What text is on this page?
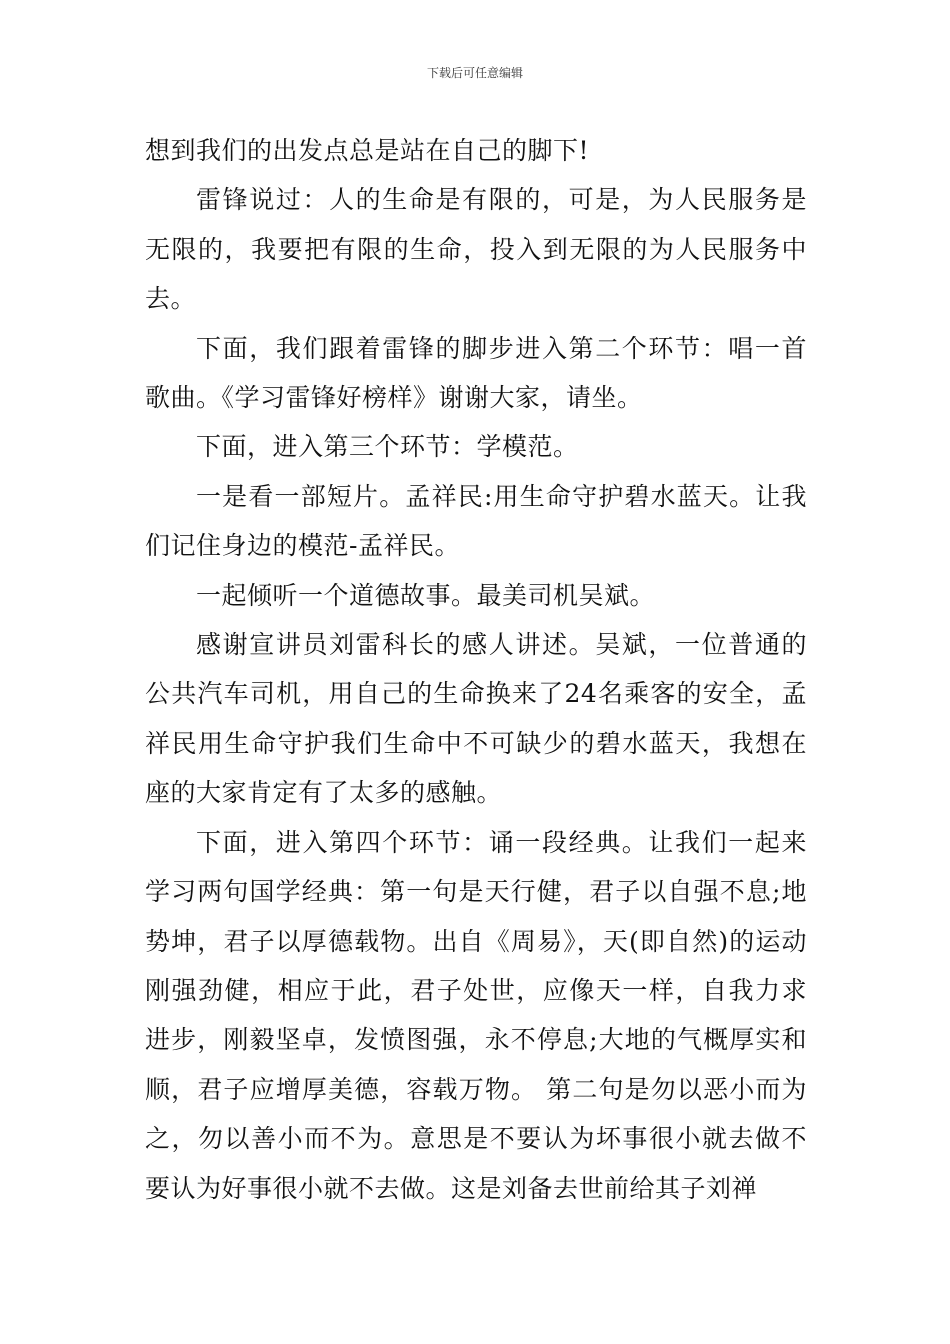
下载后可任意编辑

想到我们的出发点总是站在自己的脚下!

雷锋说过：人的生命是有限的，可是，为人民服务是无限的，我要把有限的生命，投入到无限的为人民服务中去。

下面，我们跟着雷锋的脚步进入第二个环节：唱一首歌曲。《学习雷锋好榜样》谢谢大家，请坐。

下面，进入第三个环节：学模范。

一是看一部短片。孟祥民:用生命守护碧水蓝天。让我们记住身边的模范-孟祥民。

一起倾听一个道德故事。最美司机吴斌。

感谢宣讲员刘雷科长的感人讲述。吴斌，一位普通的公共汽车司机，用自己的生命换来了24名乘客的安全，孟祥民用生命守护我们生命中不可缺少的碧水蓝天，我想在座的大家肯定有了太多的感触。

下面，进入第四个环节：诵一段经典。让我们一起来学习两句国学经典：第一句是天行健，君子以自强不息;地势坤，君子以厚德载物。出自《周易》，天(即自然)的运动刚强劲健，相应于此，君子处世，应像天一样，自我力求进步，刚毅坚卓，发愤图强，永不停息;大地的气概厚实和顺，君子应增厚美德，容载万物。 第二句是勿以恶小而为之，勿以善小而不为。意思是不要认为坏事很小就去做不要认为好事很小就不去做。这是刘备去世前给其子刘禅
